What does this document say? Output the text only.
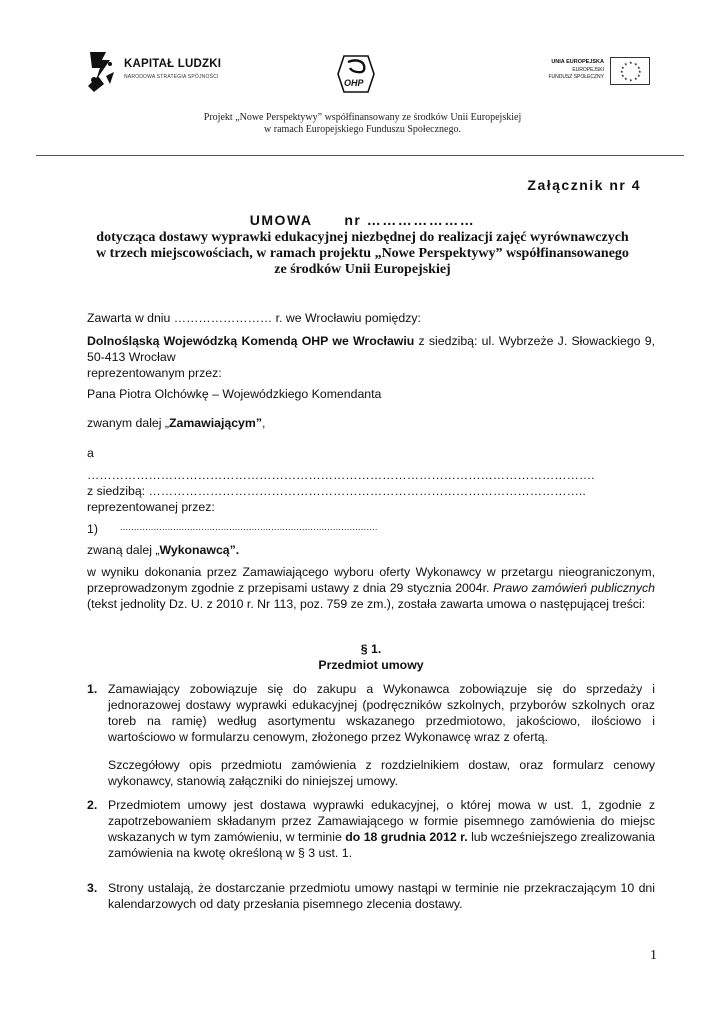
KAPITAŁ LUDZKI
NARODOWA STRATEGIA SPÓJNOŚCI
OHP
UNIA EUROPEJSKA
EUROPEJSKI
FUNDUSZ SPOŁECZNY
★ ★
★
★
★
★
★
★
★
★
★
★
Projekt „Nowe Perspektywy” współfinansowany ze środków Unii Europejskiej
w ramach Europejskiego Funduszu Społecznego.
Załącznik nr 4
UMOWA      nr …………………
dotycząca dostawy wyprawki edukacyjnej niezbędnej do realizacji zajęć wyrównawczych
w trzech miejscowościach, w ramach projektu „Nowe Perspektywy” współfinansowanego
ze środków Unii Europejskiej
Zawarta w dniu …………………… r. we Wrocławiu pomiędzy:
Dolnośląską Wojewódzką Komendą OHP we Wrocławiu z siedzibą: ul. Wybrzeże J. Słowackiego 9, 50-413 Wrocław
reprezentowanym przez:
Pana Piotra Olchówkę – Wojewódzkiego Komendanta
zwanym dalej „Zamawiającym”,
a
…………………………………………………………………………………………………………….
z siedzibą: ……………………………………………………………………………………………..
reprezentowanej przez:
1) ............................................................................................
zwaną dalej „Wykonawcą”.
w wyniku dokonania przez Zamawiającego wyboru oferty Wykonawcy w przetargu nieograniczonym, przeprowadzonym zgodnie z przepisami ustawy z dnia 29 stycznia 2004r. Prawo zamówień publicznych (tekst jednolity Dz. U. z 2010 r. Nr 113, poz. 759 ze zm.), została zawarta umowa o następującej treści:
§ 1.
Przedmiot umowy
1. Zamawiający zobowiązuje się do zakupu a Wykonawca zobowiązuje się do sprzedaży i jednorazowej dostawy wyprawki edukacyjnej (podręczników szkolnych, przyborów szkolnych oraz toreb na ramię) według asortymentu wskazanego przedmiotowo, jakościowo, ilościowo i wartościowo w formularzu cenowym, złożonego przez Wykonawcę wraz z ofertą.
Szczegółowy opis przedmiotu zamówienia z rozdzielnikiem dostaw, oraz formularz cenowy wykonawcy, stanowią załączniki do niniejszej umowy.
2. Przedmiotem umowy jest dostawa wyprawki edukacyjnej, o której mowa w ust. 1, zgodnie z zapotrzebowaniem składanym przez Zamawiającego w formie pisemnego zamówienia do miejsc wskazanych w tym zamówieniu, w terminie do 18 grudnia 2012 r. lub wcześniejszego zrealizowania zamówienia na kwotę określoną w § 3 ust. 1.
3. Strony ustalają, że dostarczanie przedmiotu umowy nastąpi w terminie nie przekraczającym 10 dni kalendarzowych od daty przesłania pisemnego zlecenia dostawy.
1
